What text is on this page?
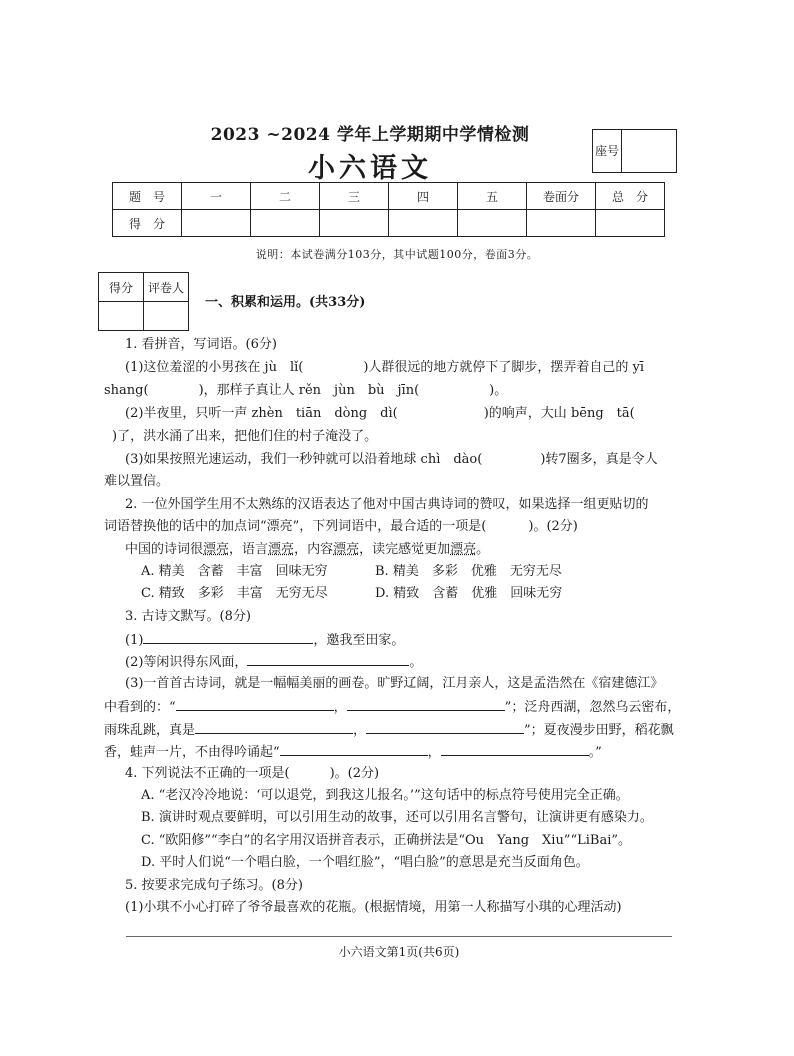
2023 ~2024 学年上学期期中学情检测
小六语文
座号	
题　号	一	二	三	四	五	卷面分	总　分
得　分							
说明：本试卷满分103分，其中试题100分，卷面3分。
得分	评卷人

一、积累和运用。(共33分)
1. 看拼音，写词语。(6分)
(1)这位羞涩的小男孩在 jù　lǐ(	)人群很远的地方就停下了脚步，摆弄着自己的 yī
shang(	)，那样子真让人 rěn　jùn　bù　jīn(	)。
(2)半夜里，只听一声 zhèn　tiān　dòng　dì(	)的响声，大山 bēng　tā(
)了，洪水涌了出来，把他们住的村子淹没了。
(3)如果按照光速运动，我们一秒钟就可以沿着地球 chì　dào(	)转7圈多，真是令人
难以置信。
2. 一位外国学生用不太熟练的汉语表达了他对中国古典诗词的赞叹，如果选择一组更贴切的
词语替换他的话中的加点词“漂亮”，下列词语中，最合适的一项是(	)。(2分)
中国的诗词很漂亮，语言漂亮，内容漂亮，读完感觉更加漂亮。
A. 精美　含蓄　丰富　回味无穷	B. 精美　多彩　优雅　无穷无尽
C. 精致　多彩　丰富　无穷无尽	D. 精致　含蓄　优雅　回味无穷
3. 古诗文默写。(8分)
(1)	，邀我至田家。
(2)等闲识得东风面，	。
(3)一首首古诗词，就是一幅幅美丽的画卷。旷野辽阔，江月亲人，这是孟浩然在《宿建德江》
中看到的：“	，	”；泛舟西湖，忽然乌云密布，
雨珠乱跳，真是	，	”；夏夜漫步田野，稻花飘
香，蛙声一片，不由得吟诵起“	，	。”
4. 下列说法不正确的一项是(	)。(2分)
A. “老汉冷冷地说：‘可以退党，到我这儿报名。’”这句话中的标点符号使用完全正确。
B. 演讲时观点要鲜明，可以引用生动的故事，还可以引用名言警句，让演讲更有感染力。
C. “欧阳修”“李白”的名字用汉语拼音表示，正确拼法是“Ou　Yang　Xiu”“LiBai”。
D. 平时人们说“一个唱白脸，一个唱红脸”，“唱白脸”的意思是充当反面角色。
5. 按要求完成句子练习。(8分)
(1)小琪不小心打碎了爷爷最喜欢的花瓶。(根据情境，用第一人称描写小琪的心理活动)
小六语文第1页(共6页)
